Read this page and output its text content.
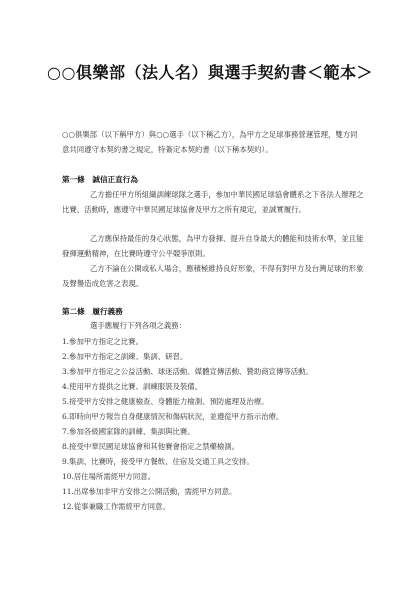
○○俱樂部（法人名）與選手契約書＜範本＞
○○俱樂部（以下稱甲方）與○○選手（以下稱乙方），為甲方之足球事務營運管理，雙方同意共同遵守本契約書之規定，特簽定本契約書（以下稱本契約）。
第一條　誠信正直行為
乙方擔任甲方所組織訓練球隊之選手，參加中華民國足球協會體系之下各法人辦理之比賽、活動時，應遵守中華民國足球協會及甲方之所有規定，並誠實履行。
乙方應保持最佳的身心狀態，為甲方發揮、提升自身最大的體能和技術水準，並且能發揮運動精神，在比賽時遵守公平競爭原則。
乙方不論在公開或私人場合，應積極維持良好形象，不得有對甲方及台灣足球的形象及聲譽造成危害之表現。
第二條　履行義務
選手應履行下列各項之義務：
1.參加甲方指定之比賽。
2.參加甲方指定之訓練、集訓、研習。
3.參加甲方指定之公益活動、球迷活動、媒體宣傳活動、贊助商宣傳等活動。
4.使用甲方提供之比賽、訓練服裝及裝備。
5.接受甲方安排之健康檢查、身體能力檢測、預防處理及治療。
6.即時向甲方報告自身健康情況和傷病狀況，並遵從甲方指示治療。
7.參加各級國家隊的訓練、集訓與比賽。
8.接受中華民國足球協會和其他賽會指定之禁藥檢測。
9.集訓、比賽時，接受甲方餐飲、住宿及交通工具之安排。
10.居住場所需經甲方同意。
11.出席參加非甲方安排之公開活動，需經甲方同意。
12.從事兼職工作需經甲方同意。
